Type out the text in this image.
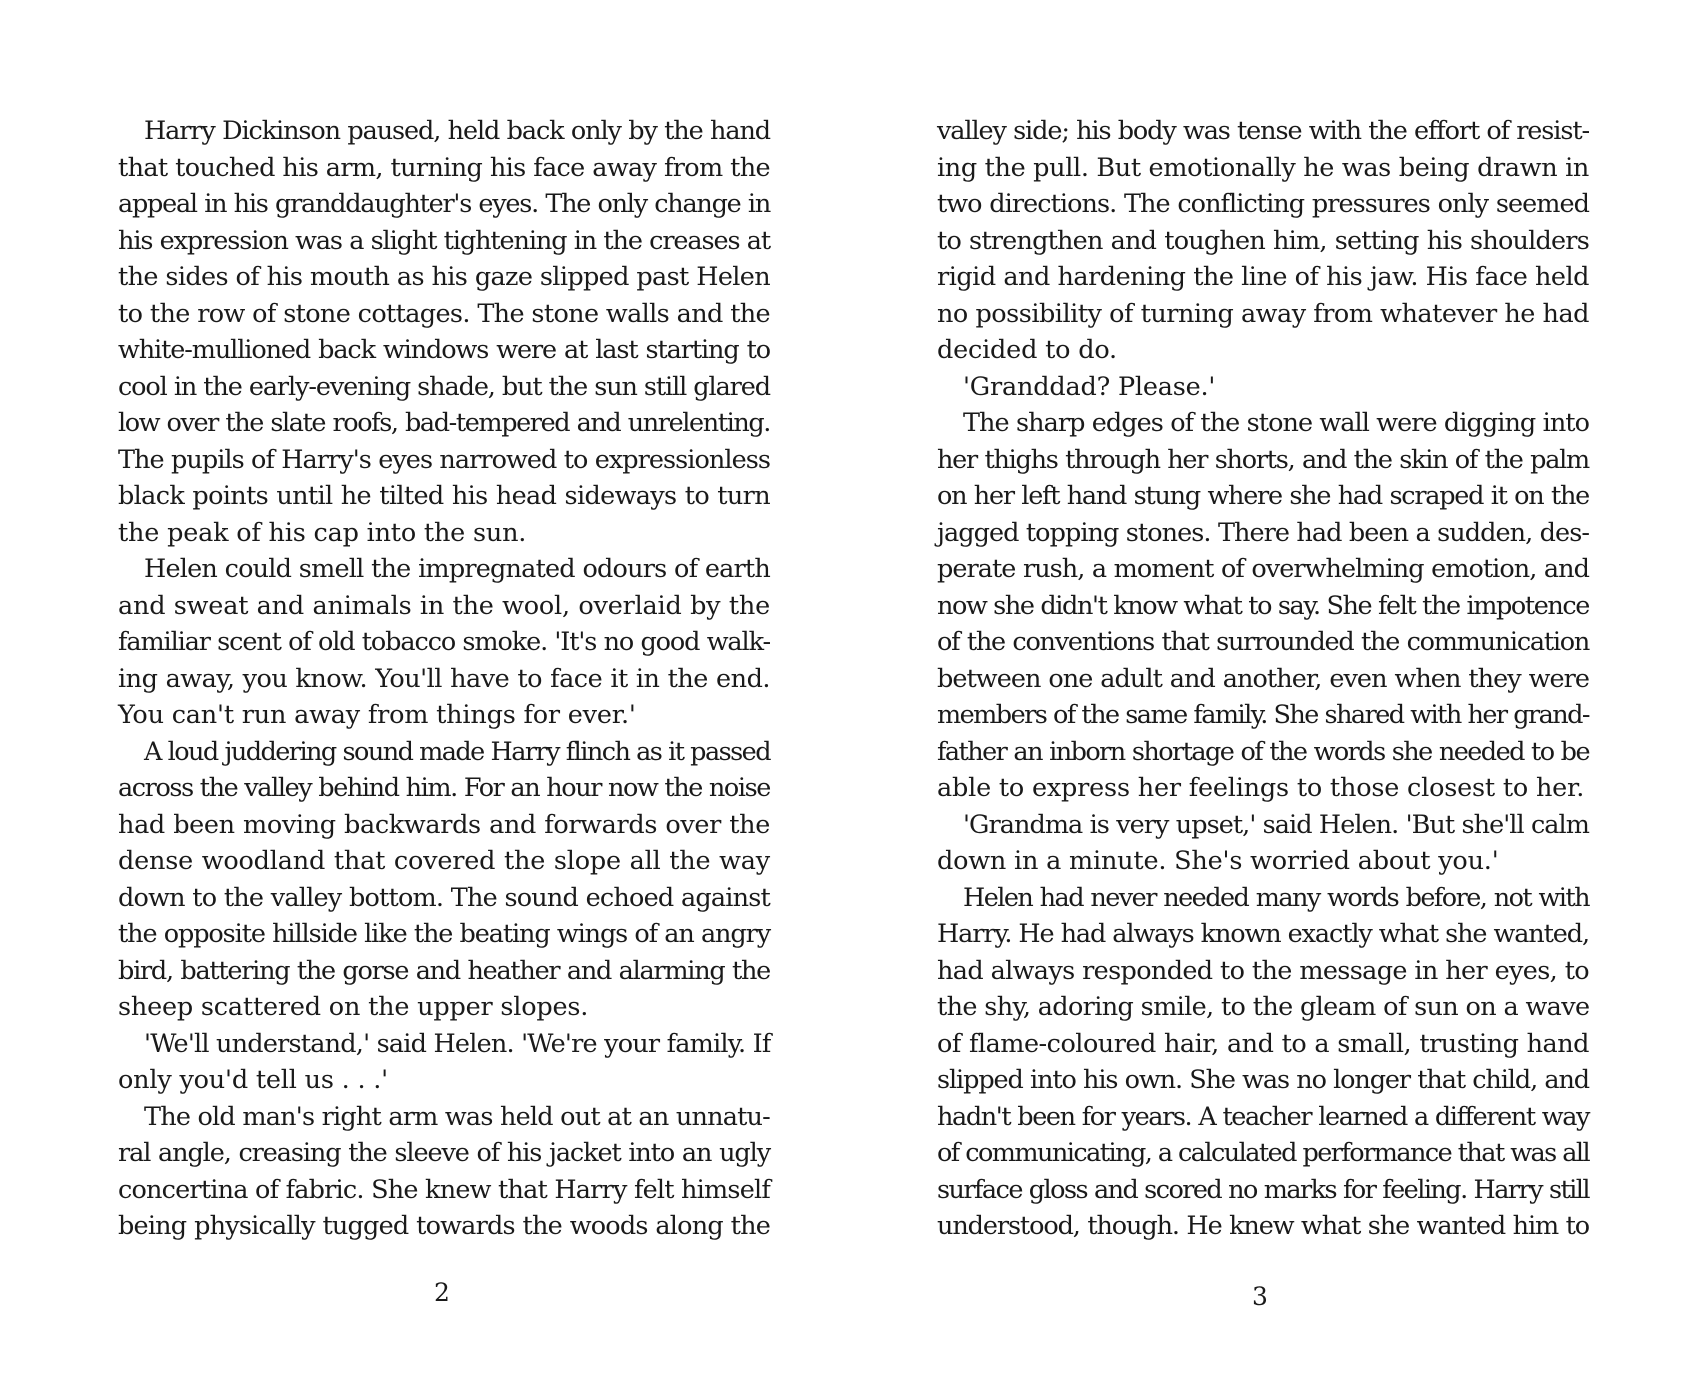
Harry Dickinson paused, held back only by the hand
that touched his arm, turning his face away from the
appeal in his granddaughter's eyes. The only change in
his expression was a slight tightening in the creases at
the sides of his mouth as his gaze slipped past Helen
to the row of stone cottages. The stone walls and the
white-mullioned back windows were at last starting to
cool in the early-evening shade, but the sun still glared
low over the slate roofs, bad-tempered and unrelenting.
The pupils of Harry's eyes narrowed to expressionless
black points until he tilted his head sideways to turn
the peak of his cap into the sun.
Helen could smell the impregnated odours of earth
and sweat and animals in the wool, overlaid by the
familiar scent of old tobacco smoke. 'It's no good walk-
ing away, you know. You'll have to face it in the end.
You can't run away from things for ever.'
A loud juddering sound made Harry flinch as it passed
across the valley behind him. For an hour now the noise
had been moving backwards and forwards over the
dense woodland that covered the slope all the way
down to the valley bottom. The sound echoed against
the opposite hillside like the beating wings of an angry
bird, battering the gorse and heather and alarming the
sheep scattered on the upper slopes.
'We'll understand,' said Helen. 'We're your family. If
only you'd tell us . . .'
The old man's right arm was held out at an unnatu-
ral angle, creasing the sleeve of his jacket into an ugly
concertina of fabric. She knew that Harry felt himself
being physically tugged towards the woods along the
2
valley side; his body was tense with the effort of resist-
ing the pull. But emotionally he was being drawn in
two directions. The conflicting pressures only seemed
to strengthen and toughen him, setting his shoulders
rigid and hardening the line of his jaw. His face held
no possibility of turning away from whatever he had
decided to do.
'Granddad? Please.'
The sharp edges of the stone wall were digging into
her thighs through her shorts, and the skin of the palm
on her left hand stung where she had scraped it on the
jagged topping stones. There had been a sudden, des-
perate rush, a moment of overwhelming emotion, and
now she didn't know what to say. She felt the impotence
of the conventions that surrounded the communication
between one adult and another, even when they were
members of the same family. She shared with her grand-
father an inborn shortage of the words she needed to be
able to express her feelings to those closest to her.
'Grandma is very upset,' said Helen. 'But she'll calm
down in a minute. She's worried about you.'
Helen had never needed many words before, not with
Harry. He had always known exactly what she wanted,
had always responded to the message in her eyes, to
the shy, adoring smile, to the gleam of sun on a wave
of flame-coloured hair, and to a small, trusting hand
slipped into his own. She was no longer that child, and
hadn't been for years. A teacher learned a different way
of communicating, a calculated performance that was all
surface gloss and scored no marks for feeling. Harry still
understood, though. He knew what she wanted him to
3
